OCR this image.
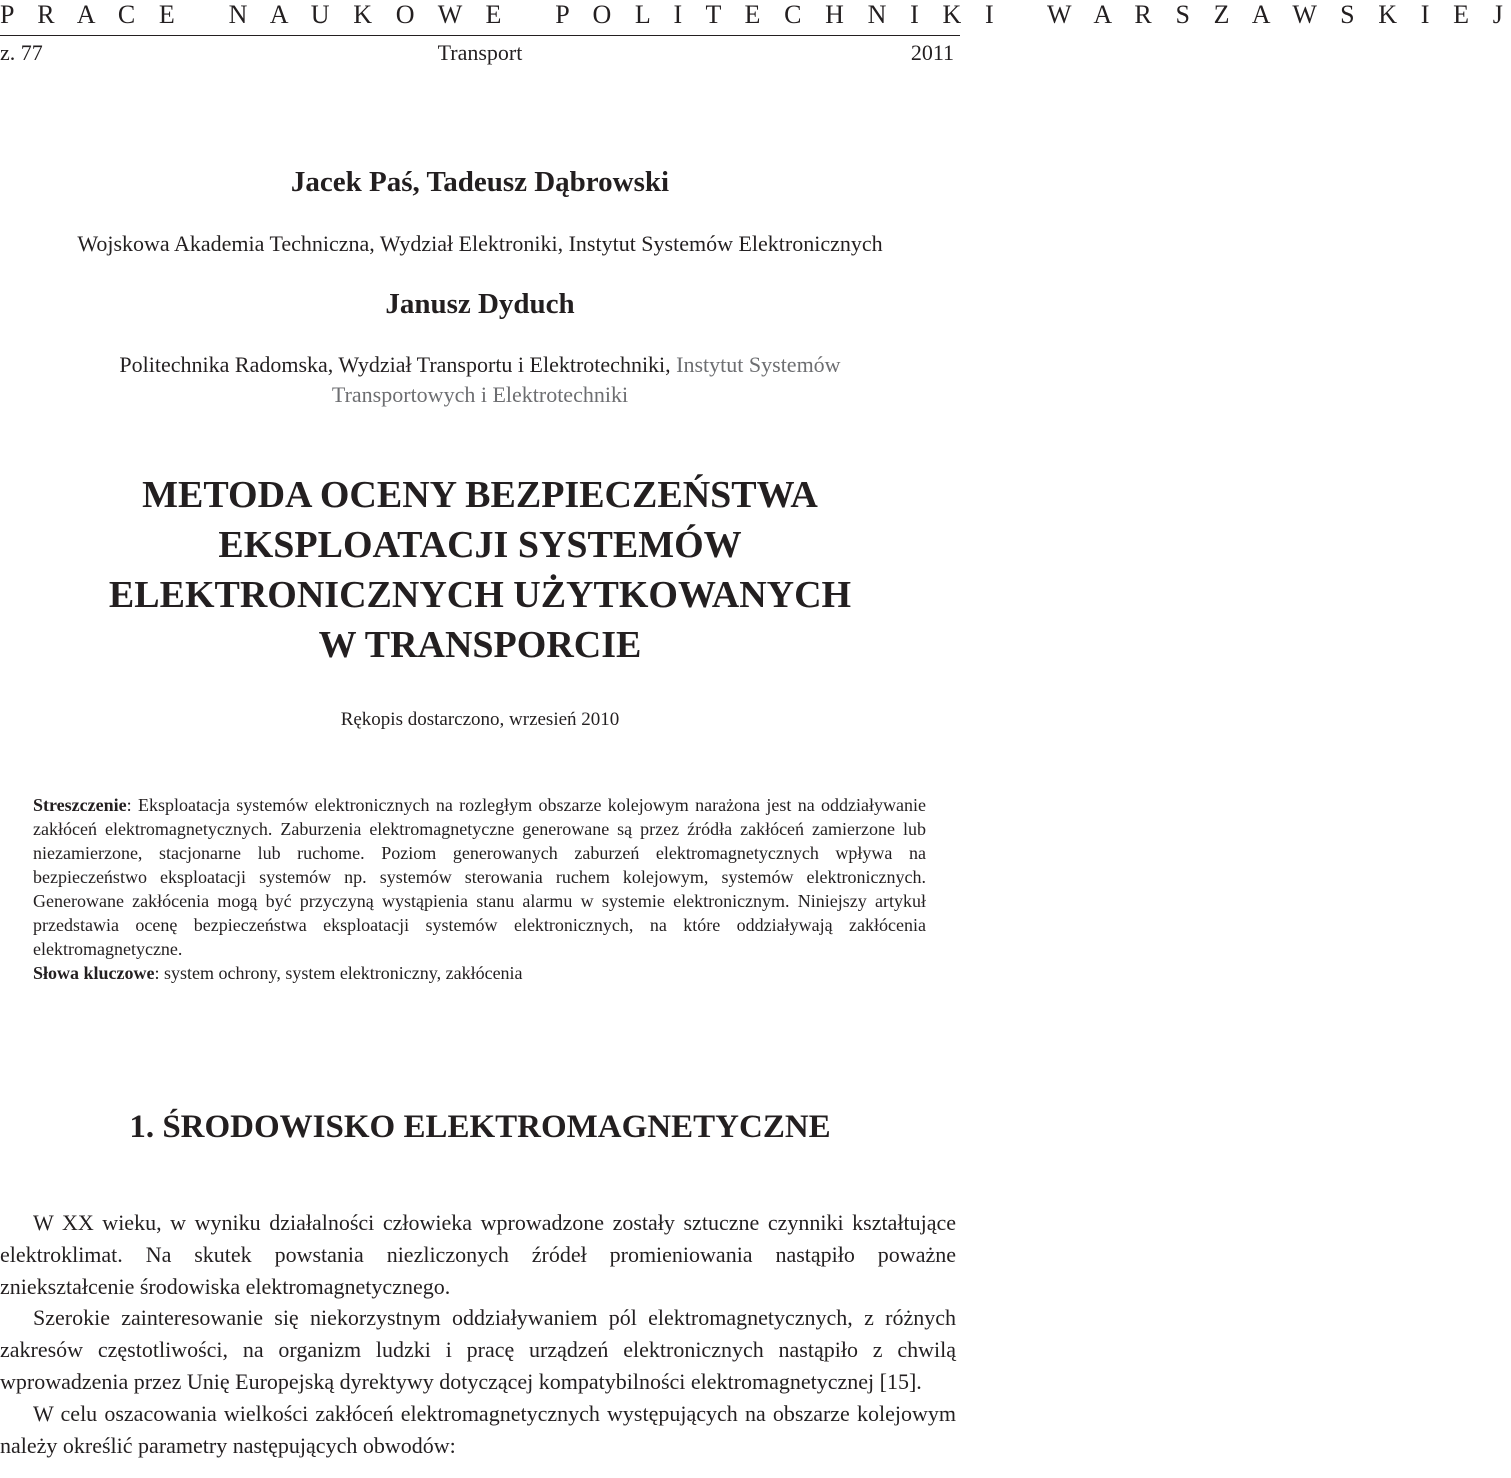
P R A C E   N A U K O W E   P O L I T E C H N I K I   W A R S Z A W S K I E J
z. 77	Transport	2011
Jacek Paś, Tadeusz Dąbrowski
Wojskowa Akademia Techniczna, Wydział Elektroniki, Instytut Systemów Elektronicznych
Janusz Dyduch
Politechnika Radomska, Wydział Transportu i Elektrotechniki, Instytut Systemów
Transportowych i Elektrotechniki
METODA OCENY BEZPIECZEŃSTWA
EKSPLOATACJI SYSTEMÓW
ELEKTRONICZNYCH UŻYTKOWANYCH
W TRANSPORCIE
Rękopis dostarczono, wrzesień 2010

Streszczenie: Eksploatacja systemów elektronicznych na rozległym obszarze kolejowym narażona jest na oddziaływanie zakłóceń elektromagnetycznych. Zaburzenia elektromagnetyczne generowane są przez źródła zakłóceń zamierzone lub niezamierzone, stacjonarne lub ruchome. Poziom generowanych zaburzeń elektromagnetycznych wpływa na bezpieczeństwo eksploatacji systemów np. systemów sterowania ruchem kolejowym, systemów elektronicznych. Generowane zakłócenia mogą być przyczyną wystąpienia stanu alarmu w systemie elektronicznym. Niniejszy artykuł przedstawia ocenę bezpieczeństwa eksploatacji systemów elektronicznych, na które oddziaływają zakłócenia elektromagnetyczne.

Słowa kluczowe: system ochrony, system elektroniczny, zakłócenia

1. ŚRODOWISKO ELEKTROMAGNETYCZNE

W XX wieku, w wyniku działalności człowieka wprowadzone zostały sztuczne czynniki kształtujące elektroklimat. Na skutek powstania niezliczonych źródeł promieniowania nastąpiło poważne zniekształcenie środowiska elektromagnetycznego.

Szerokie zainteresowanie się niekorzystnym oddziaływaniem pól elektromagnetycznych, z różnych zakresów częstotliwości, na organizm ludzki i pracę urządzeń elektronicznych nastąpiło z chwilą wprowadzenia przez Unię Europejską dyrektywy dotyczącej kompatybilności elektromagnetycznej [15].

W celu oszacowania wielkości zakłóceń elektromagnetycznych występujących na obszarze kolejowym należy określić parametry następujących obwodów:
